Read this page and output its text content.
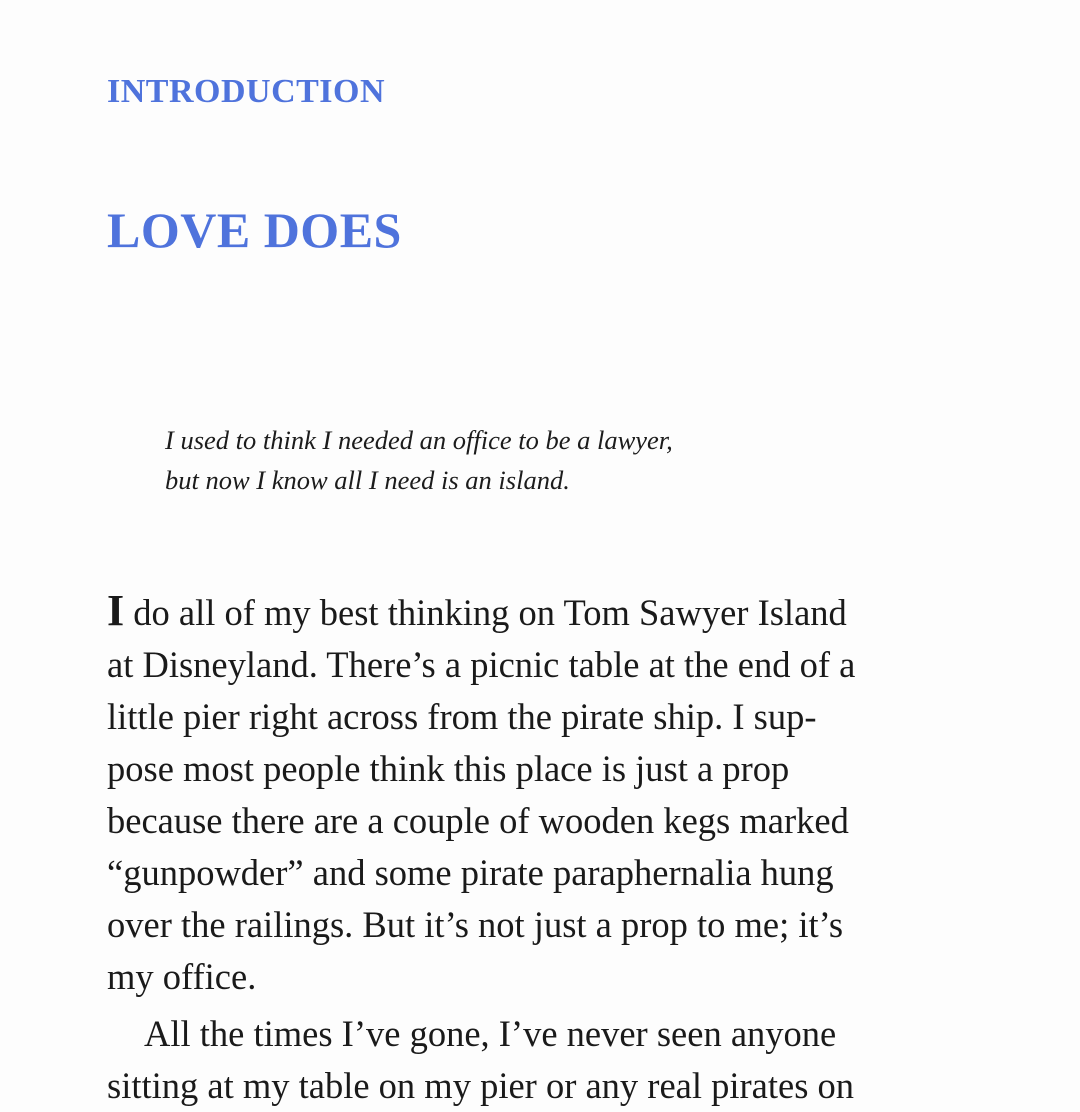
INTRODUCTION
LOVE DOES
I used to think I needed an office to be a lawyer,
but now I know all I need is an island.

I do all of my best thinking on Tom Sawyer Island
at Disneyland. There’s a picnic table at the end of a
little pier right across from the pirate ship. I sup-
pose most people think this place is just a prop
because there are a couple of wooden kegs marked
“gunpowder” and some pirate paraphernalia hung
over the railings. But it’s not just a prop to me; it’s
my office.

All the times I’ve gone, I’ve never seen anyone
sitting at my table on my pier or any real pirates on
